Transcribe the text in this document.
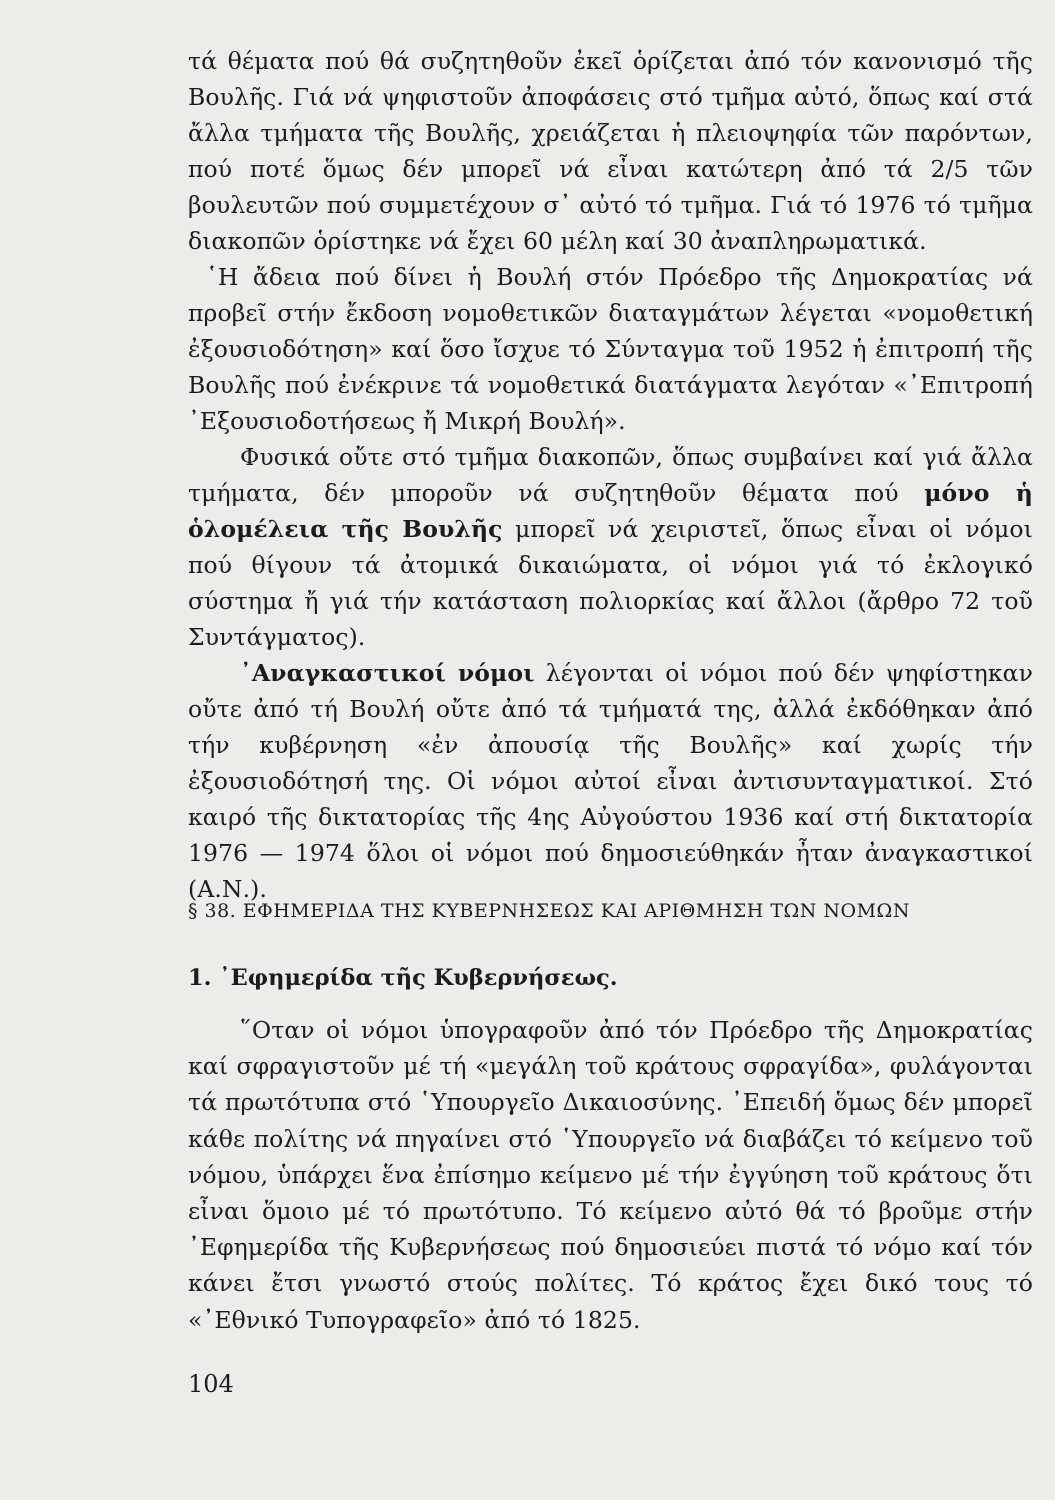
τά θέματα πού θά συζητηθοῦν ἐκεῖ ὁρίζεται ἀπό τόν κανονισμό τῆς Βουλῆς. Γιά νά ψηφιστοῦν ἀποφάσεις στό τμῆμα αὐτό, ὅπως καί στά ἄλλα τμήματα τῆς Βουλῆς, χρειάζεται ἡ πλειοψηφία τῶν παρόντων, πού ποτέ ὅμως δέν μπορεῖ νά εἶναι κατώτερη ἀπό τά 2/5 τῶν βουλευτῶν πού συμμετέχουν σ᾽ αὐτό τό τμῆμα. Γιά τό 1976 τό τμῆμα διακοπῶν ὁρίστηκε νά ἔχει 60 μέλη καί 30 ἀναπληρωματικά.

῾Η ἄδεια πού δίνει ἡ Βουλή στόν Πρόεδρο τῆς Δημοκρατίας νά προβεῖ στήν ἔκδοση νομοθετικῶν διαταγμάτων λέγεται «νομοθετική ἐξουσιοδότηση» καί ὅσο ἴσχυε τό Σύνταγμα τοῦ 1952 ἡ ἐπιτροπή τῆς Βουλῆς πού ἐνέκρινε τά νομοθετικά διατάγματα λεγόταν «᾽Επιτροπή ᾽Εξουσιοδοτήσεως ἤ Μικρή Βουλή».

Φυσικά οὔτε στό τμῆμα διακοπῶν, ὅπως συμβαίνει καί γιά ἄλλα τμήματα, δέν μποροῦν νά συζητηθοῦν θέματα πού μόνο ἡ ὁλομέλεια τῆς Βουλῆς μπορεῖ νά χειριστεῖ, ὅπως εἶναι οἱ νόμοι πού θίγουν τά ἀτομικά δικαιώματα, οἱ νόμοι γιά τό ἐκλογικό σύστημα ἤ γιά τήν κατάσταση πολιορκίας καί ἄλλοι (ἄρθρο 72 τοῦ Συντάγματος).

᾽Αναγκαστικοί νόμοι λέγονται οἱ νόμοι πού δέν ψηφίστηκαν οὔτε ἀπό τή Βουλή οὔτε ἀπό τά τμήματά της, ἀλλά ἐκδόθηκαν ἀπό τήν κυβέρνηση «ἐν ἀπουσίᾳ τῆς Βουλῆς» καί χωρίς τήν ἐξουσιοδότησή της. Οἱ νόμοι αὐτοί εἶναι ἀντισυνταγματικοί. Στό καιρό τῆς δικτατορίας τῆς 4ης Αὐγούστου 1936 καί στή δικτατορία 1976 — 1974 ὅλοι οἱ νόμοι πού δημοσιεύθηκάν ἦταν ἀναγκαστικοί (Α.Ν.).

§ 38. ΕΦΗΜΕΡΙΔΑ ΤΗΣ ΚΥΒΕΡΝΗΣΕΩΣ ΚΑΙ ΑΡΙΘΜΗΣΗ ΤΩΝ ΝΟΜΩΝ

1. ᾽Εφημερίδα τῆς Κυβερνήσεως.

῞Οταν οἱ νόμοι ὑπογραφοῦν ἀπό τόν Πρόεδρο τῆς Δημοκρατίας καί σφραγιστοῦν μέ τή «μεγάλη τοῦ κράτους σφραγίδα», φυλάγονται τά πρωτότυπα στό ῾Υπουργεῖο Δικαιοσύνης. ᾽Επειδή ὅμως δέν μπορεῖ κάθε πολίτης νά πηγαίνει στό ῾Υπουργεῖο νά διαβάζει τό κείμενο τοῦ νόμου, ὑπάρχει ἕνα ἐπίσημο κείμενο μέ τήν ἐγγύηση τοῦ κράτους ὅτι εἶναι ὅμοιο μέ τό πρωτότυπο. Τό κείμενο αὐτό θά τό βροῦμε στήν ᾽Εφημερίδα τῆς Κυβερνήσεως πού δημοσιεύει πιστά τό νόμο καί τόν κάνει ἔτσι γνωστό στούς πολίτες. Τό κράτος ἔχει δικό τους τό «᾽Εθνικό Τυπογραφεῖο» ἀπό τό 1825.

104
